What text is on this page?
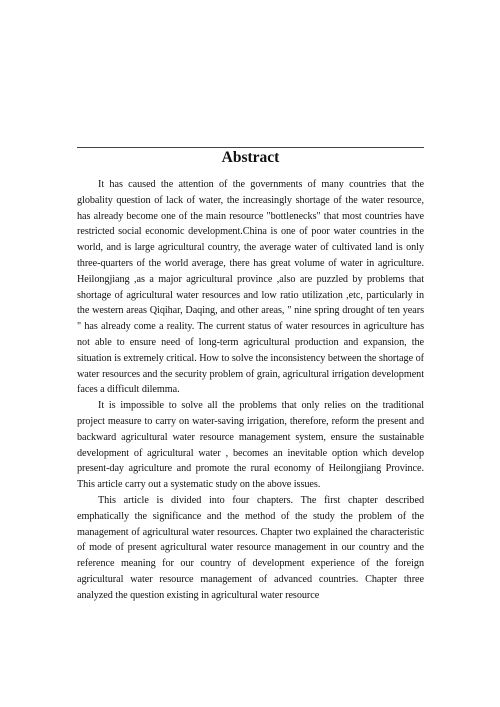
Abstract

It has caused the attention of the governments of many countries that the globality question of lack of water, the increasingly shortage of the water resource, has already become one of the main resource "bottlenecks" that most countries have restricted social economic development.China is one of poor water countries in the world, and is large agricultural country, the average water of cultivated land is only three-quarters of the world average, there has great volume of water in agriculture. Heilongjiang ,as a major agricultural province ,also are puzzled by problems that shortage of agricultural water resources and low ratio utilization ,etc, particularly in the western areas Qiqihar, Daqing, and other areas, " nine spring drought of ten years " has already come a reality. The current status of water resources in agriculture has not able to ensure need of long-term agricultural production and expansion, the situation is extremely critical. How to solve the inconsistency between the shortage of water resources and the security problem of grain, agricultural irrigation development faces a difficult dilemma.

It is impossible to solve all the problems that only relies on the traditional project measure to carry on water-saving irrigation, therefore, reform the present and backward agricultural water resource management system, ensure the sustainable development of agricultural water , becomes an inevitable option which develop present-day agriculture and promote the rural economy of Heilongjiang Province. This article carry out a systematic study on the above issues.

This article is divided into four chapters. The first chapter described emphatically the significance and the method of the study the problem of the management of agricultural water resources. Chapter two explained the characteristic of mode of present agricultural water resource management in our country and the reference meaning for our country of development experience of the foreign agricultural water resource management of advanced countries. Chapter three analyzed the question existing in agricultural water resource
